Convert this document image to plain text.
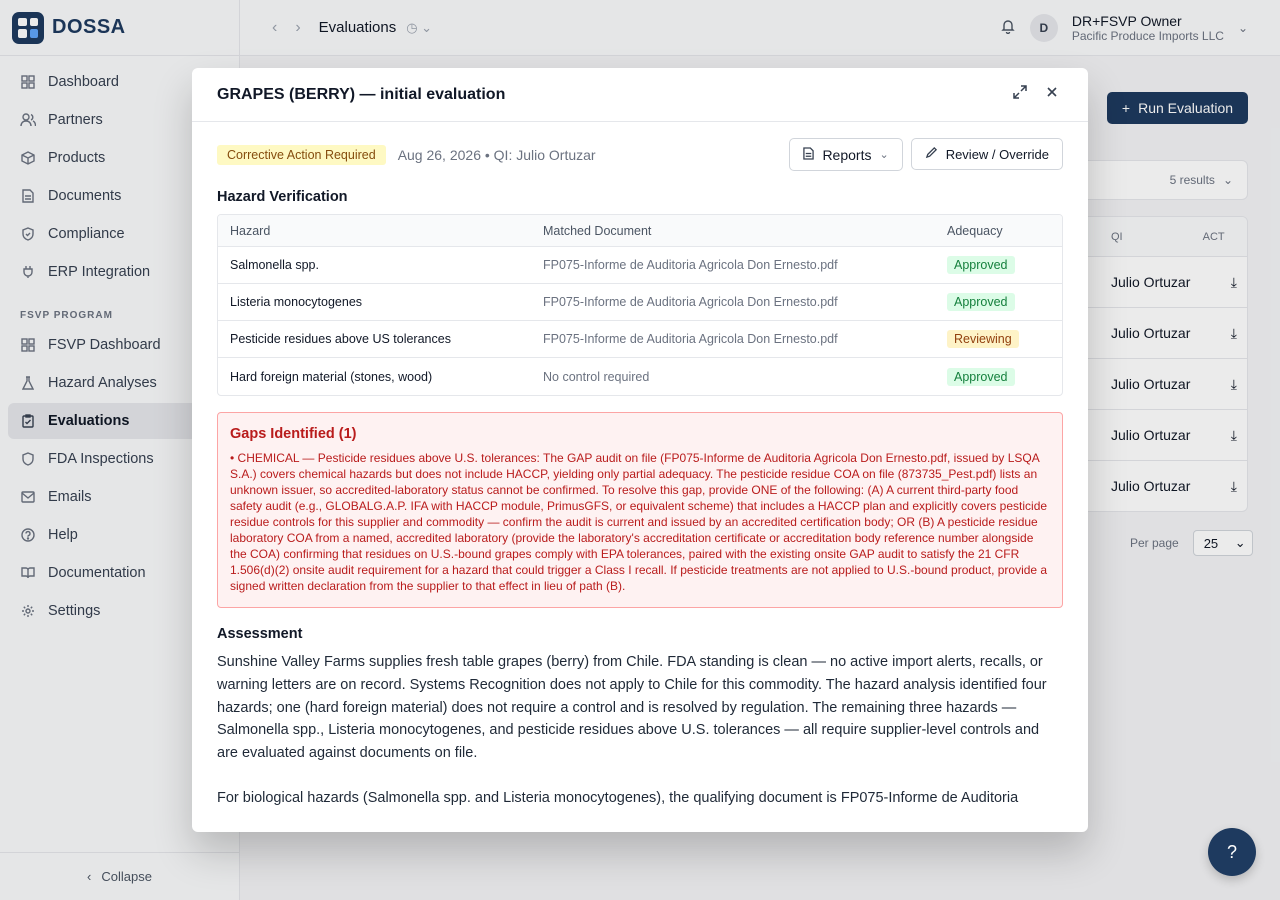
DOSSA
Dashboard
Partners
Products
Documents
Compliance
ERP Integration
FSVP PROGRAM
FSVP Dashboard
Hazard Analyses
Evaluations
FDA Inspections
Emails
Help
Documentation
Settings
‹ Collapse
‹ › Evaluations ◷ ⌄	D	DR+FSVP Owner
Pacific Produce Imports LLC
⌄
+ Run Evaluation
5 results ⌄
QI	ACT
Julio Ortuzar	⤓
Julio Ortuzar	⤓
Julio Ortuzar	⤓
Julio Ortuzar	⤓
Julio Ortuzar	⤓
Per page 25 ⌄
GRAPES (BERRY) — initial evaluation
Corrective Action Required	Aug 26, 2026 • QI: Julio Ortuzar	Reports ⌄	Review / Override
Hazard Verification
Hazard	Matched Document	Adequacy
Salmonella spp.	FP075-Informe de Auditoria Agricola Don Ernesto.pdf	Approved
Listeria monocytogenes	FP075-Informe de Auditoria Agricola Don Ernesto.pdf	Approved
Pesticide residues above US tolerances	FP075-Informe de Auditoria Agricola Don Ernesto.pdf	Reviewing
Hard foreign material (stones, wood)	No control required	Approved
Gaps Identified (1)
• CHEMICAL — Pesticide residues above U.S. tolerances: The GAP audit on file (FP075-Informe de Auditoria Agricola Don Ernesto.pdf, issued by LSQA S.A.) covers chemical hazards but does not include HACCP, yielding only partial adequacy. The pesticide residue COA on file (873735_Pest.pdf) lists an unknown issuer, so accredited-laboratory status cannot be confirmed. To resolve this gap, provide ONE of the following: (A) A current third-party food safety audit (e.g., GLOBALG.A.P. IFA with HACCP module, PrimusGFS, or equivalent scheme) that includes a HACCP plan and explicitly covers pesticide residue controls for this supplier and commodity — confirm the audit is current and issued by an accredited certification body; OR (B) A pesticide residue laboratory COA from a named, accredited laboratory (provide the laboratory's accreditation certificate or accreditation body reference number alongside the COA) confirming that residues on U.S.-bound grapes comply with EPA tolerances, paired with the existing onsite GAP audit to satisfy the 21 CFR 1.506(d)(2) onsite audit requirement for a hazard that could trigger a Class I recall. If pesticide treatments are not applied to U.S.-bound product, provide a signed written declaration from the supplier to that effect in lieu of path (B).
Assessment

Sunshine Valley Farms supplies fresh table grapes (berry) from Chile. FDA standing is clean — no active import alerts, recalls, or warning letters are on record. Systems Recognition does not apply to Chile for this commodity. The hazard analysis identified four hazards; one (hard foreign material) does not require a control and is resolved by regulation. The remaining three hazards — Salmonella spp., Listeria monocytogenes, and pesticide residues above U.S. tolerances — all require supplier-level controls and are evaluated against documents on file.

For biological hazards (Salmonella spp. and Listeria monocytogenes), the qualifying document is FP075-Informe de Auditoria

?
